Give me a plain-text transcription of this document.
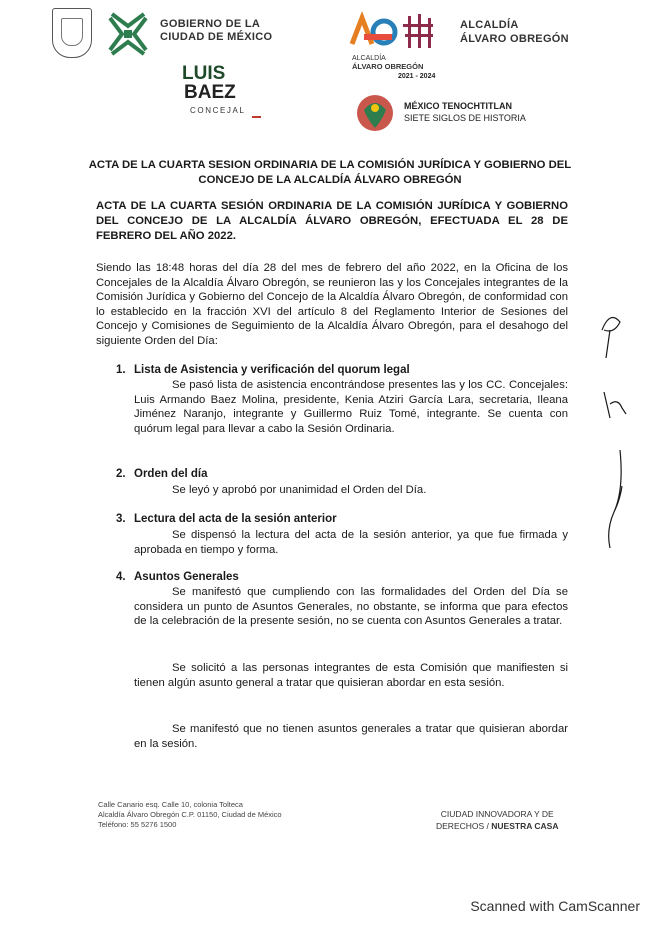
GOBIERNO DE LA
CIUDAD DE MÉXICO
LUIS
BAEZ
CONCEJAL
ALCALDÍA
ÁLVARO OBREGÓN
2021 - 2024
ALCALDÍA
ÁLVARO OBREGÓN
MÉXICO TENOCHTITLAN
SIETE SIGLOS DE HISTORIA
ACTA DE LA CUARTA SESION ORDINARIA DE LA COMISIÓN JURÍDICA Y GOBIERNO DEL CONCEJO DE LA ALCALDÍA ÁLVARO OBREGÓN
ACTA DE LA CUARTA SESIÓN ORDINARIA DE LA COMISIÓN JURÍDICA Y GOBIERNO DEL CONCEJO DE LA ALCALDÍA ÁLVARO OBREGÓN, EFECTUADA EL 28 DE FEBRERO DEL AÑO 2022.
Siendo las 18:48 horas del día 28 del mes de febrero del año 2022, en la Oficina de los Concejales de la Alcaldía Álvaro Obregón, se reunieron las y los Concejales integrantes de la Comisión Jurídica y Gobierno del Concejo de la Alcaldía Álvaro Obregón, de conformidad con lo establecido en la fracción XVI del artículo 8 del Reglamento Interior de Sesiones del Concejo y Comisiones de Seguimiento de la Alcaldía Álvaro Obregón, para el desahogo del siguiente Orden del Día:
1. Lista de Asistencia y verificación del quorum legal
Se pasó lista de asistencia encontrándose presentes las y los CC. Concejales: Luis Armando Baez Molina, presidente, Kenia Atziri García Lara, secretaria, Ileana Jiménez Naranjo, integrante y Guillermo Ruiz Tomé, integrante. Se cuenta con quórum legal para llevar a cabo la Sesión Ordinaria.
2. Orden del día
Se leyó y aprobó por unanimidad el Orden del Día.
3. Lectura del acta de la sesión anterior
Se dispensó la lectura del acta de la sesión anterior, ya que fue firmada y aprobada en tiempo y forma.
4. Asuntos Generales
Se manifestó que cumpliendo con las formalidades del Orden del Día se considera un punto de Asuntos Generales, no obstante, se informa que para efectos de la celebración de la presente sesión, no se cuenta con Asuntos Generales a tratar.
Se solicitó a las personas integrantes de esta Comisión que manifiesten si tienen algún asunto general a tratar que quisieran abordar en esta sesión.
Se manifestó que no tienen asuntos generales a tratar que quisieran abordar en la sesión.
Calle Canario esq. Calle 10, colonia Tolteca
Alcaldía Álvaro Obregón C.P. 01150, Ciudad de México
Teléfono: 55 5276 1500
CIUDAD INNOVADORA Y DE
DERECHOS / NUESTRA CASA
Scanned with CamScanner
